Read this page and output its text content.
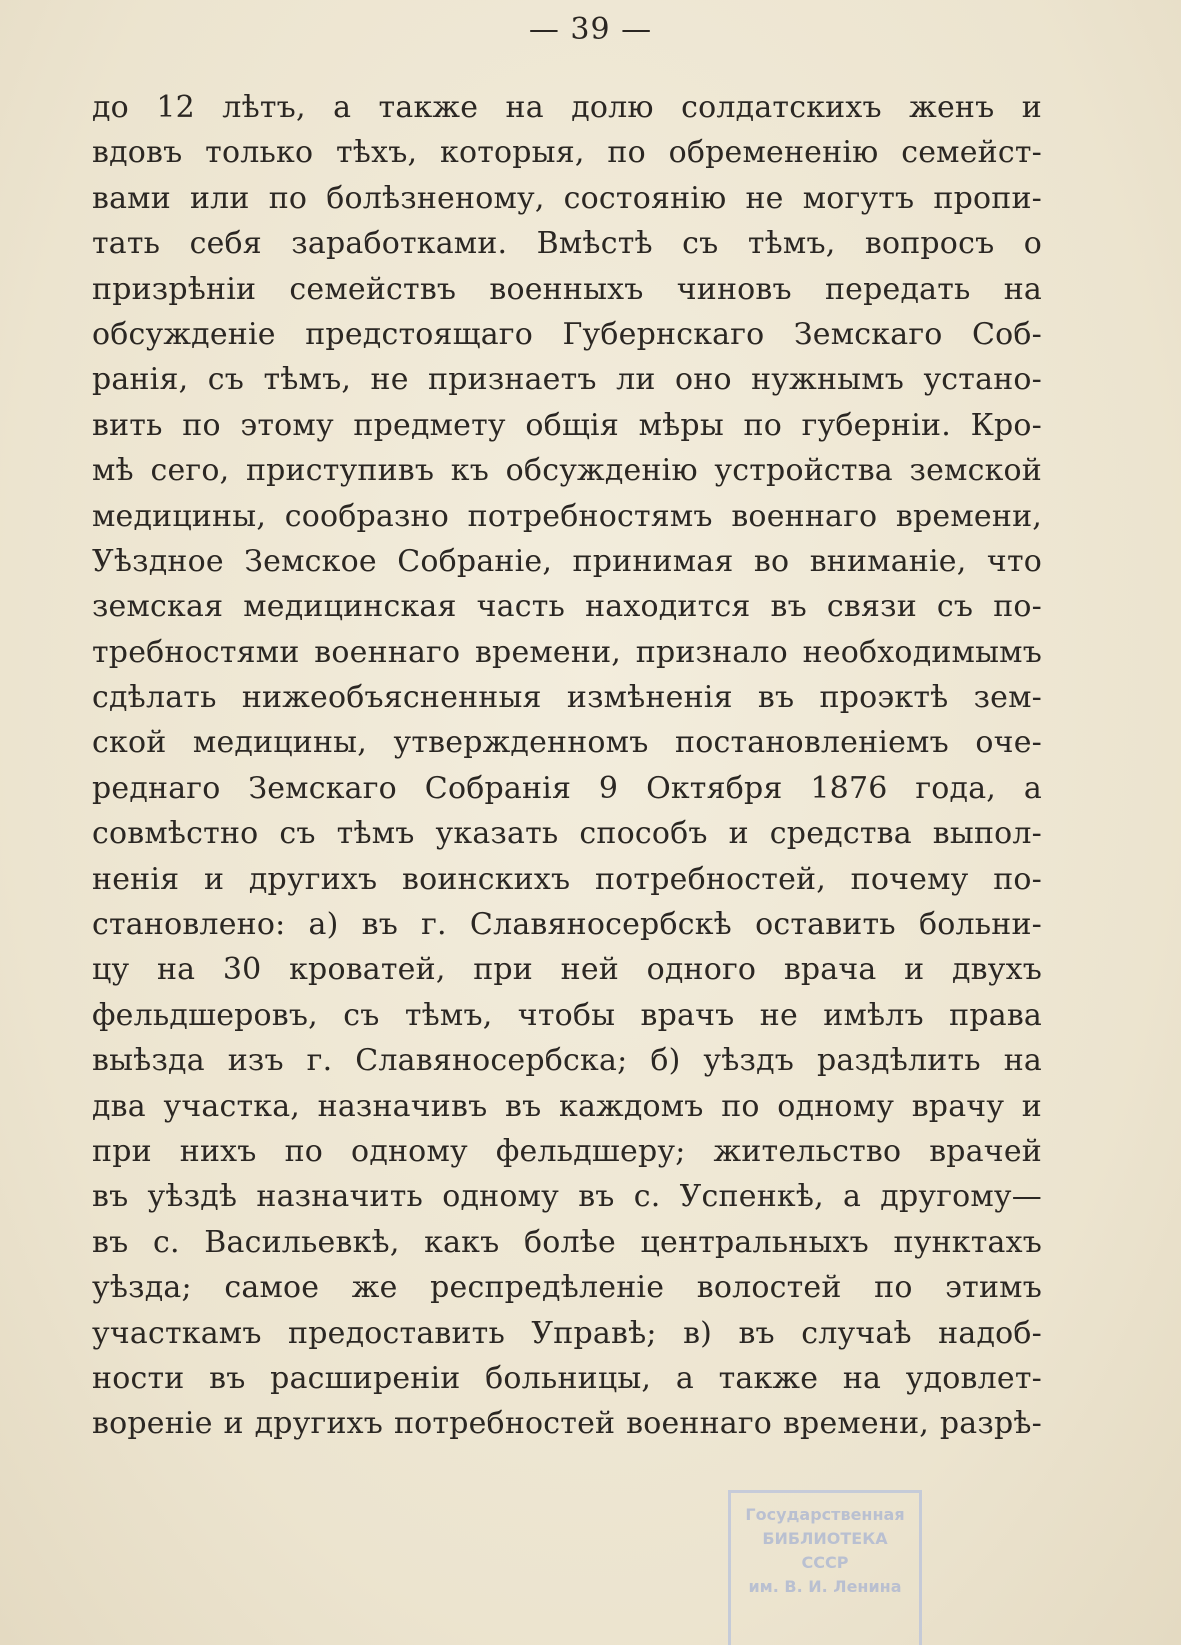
— 39 —
до 12 лѣтъ, а также на долю солдатскихъ женъ и
вдовъ только тѣхъ, которыя, по обремененію семейст-
вами или по болѣзненому, состоянію не могутъ пропи-
тать себя заработками. Вмѣстѣ съ тѣмъ, вопросъ о
призрѣніи семействъ военныхъ чиновъ передать на
обсужденіе предстоящаго Губернскаго Земскаго Соб-
ранія, съ тѣмъ, не признаетъ ли оно нужнымъ устано-
вить по этому предмету общія мѣры по губерніи. Кро-
мѣ сего, приступивъ къ обсужденію устройства земской
медицины, сообразно потребностямъ военнаго времени,
Уѣздное Земское Собраніе, принимая во вниманіе, что
земская медицинская часть находится въ связи съ по-
требностями военнаго времени, признало необходимымъ
сдѣлать нижеобъясненныя измѣненія въ проэктѣ зем-
ской медицины, утвержденномъ постановленіемъ оче-
реднаго Земскаго Собранія 9 Октября 1876 года, а
совмѣстно съ тѣмъ указать способъ и средства выпол-
ненія и другихъ воинскихъ потребностей, почему по-
становлено: а) въ г. Славяносербскѣ оставить больни-
цу на 30 кроватей, при ней одного врача и двухъ
фельдшеровъ, съ тѣмъ, чтобы врачъ не имѣлъ права
выѣзда изъ г. Славяносербска; б) уѣздъ раздѣлить на
два участка, назначивъ въ каждомъ по одному врачу и
при нихъ по одному фельдшеру; жительство врачей
въ уѣздѣ назначить одному въ с. Успенкѣ, а другому—
въ с. Васильевкѣ, какъ болѣе центральныхъ пунктахъ
уѣзда; самое же респредѣленіе волостей по этимъ
участкамъ предоставить Управѣ; в) въ случаѣ надоб-
ности въ расширеніи больницы, а также на удовлет-
вореніе и другихъ потребностей военнаго времени, разрѣ-
Государственная
БИБЛИОТЕКА
СССР
им. В. И. Ленина
